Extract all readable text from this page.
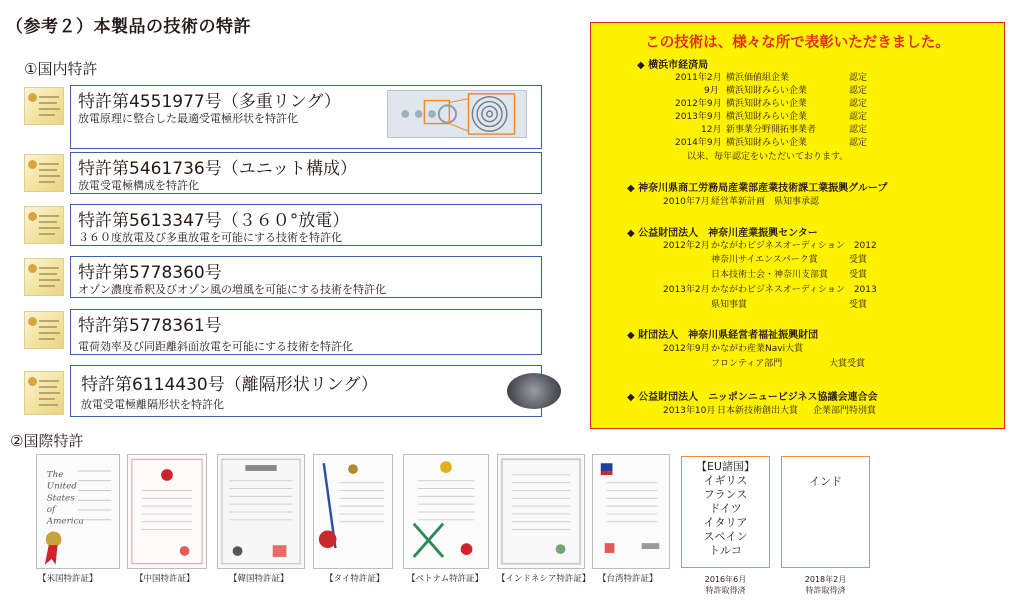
（参考２）本製品の技術の特許
①国内特許
特許第4551977号（多重リング）
放電原理に整合した最適受電極形状を特許化
特許第5461736号（ユニット構成）
放電受電極構成を特許化
特許第5613347号（３６０°放電）
３６０度放電及び多重放電を可能にする技術を特許化
特許第5778360号
オゾン濃度希釈及びオゾン風の増風を可能にする技術を特許化
特許第5778361号
電荷効率及び同距離斜面放電を可能にする技術を特許化
特許第6114430号（離隔形状リング）
放電受電極離隔形状を特許化
この技術は、様々な所で表彰いただきました。
◆ 横浜市経済局
2011年2月 横浜価値組企業	認定
9月 横浜知財みらい企業	認定
2012年9月 横浜知財みらい企業	認定
2013年9月 横浜知財みらい企業	認定
12月 新事業分野開拓事業者	認定
2014年9月 横浜知財みらい企業	認定
以来、毎年認定をいただいております。
◆ 神奈川県商工労務局産業部産業技術課工業振興グループ
2010年7月 経営革新計画　県知事承認
◆ 公益財団法人　神奈川産業振興センター
2012年2月 かながわビジネスオーディション　2012
神奈川サイエンスパーク賞	受賞
日本技術士会・神奈川支部賞 受賞
2013年2月 かながわビジネスオーディション　2013
県知事賞	受賞
◆ 財団法人　神奈川県経営者福祉振興財団
2012年9月 かながわ産業Navi大賞
フロンティア部門	大賞受賞
◆ 公益財団法人　ニッポンニュービジネス協議会連合会
2013年10月 日本新技術創出大賞 企業部門特別賞
②国際特許
The
United
States
of
America
【米国特許証】	【中国特許証】	【韓国特許証】	【タイ特許証】	【ベトナム特許証】 【インドネシア特許証】 【台湾特許証】
【EU諸国】
イギリス
フランス
ドイツ
イタリア
スペイン
トルコ
2016年6月
特許取得済
インド
2018年2月
特許取得済
